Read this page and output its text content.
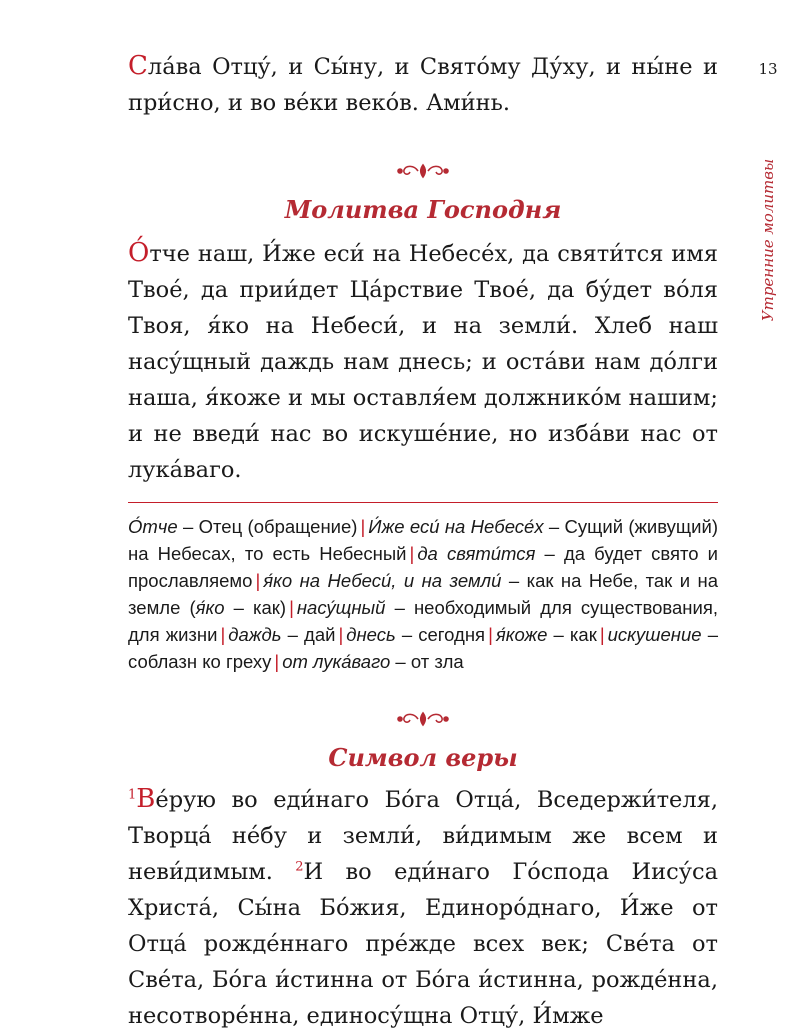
Сла́ва Отцу́, и Сы́ну, и Свято́му Ду́ху, и ны́не и при́сно, и во ве́ки веко́в. Ами́нь.

Молитва Господня

О́тче наш, И́же еси́ на Небесе́х, да святи́тся имя Твое́, да прии́дет Ца́рствие Твое́, да бу́дет во́ля Твоя, я́ко на Небеси́, и на земли́. Хлеб наш насу́щный даждь нам днесь; и оста́ви нам до́лги наша, я́коже и мы оставля́ем должнико́м нашим; и не введи́ нас во искуше́ние, но изба́ви нас от лука́ваго.

О́тче – Отец (обращение) | И́же еси́ на Небесе́х – Сущий (живущий) на Небесах, то есть Небесный | да святи́тся – да будет свято и прославляемо | я́ко на Небеси́, и на земли́ – как на Небе, так и на земле (я́ко – как) | насу́щный – необходимый для существования, для жизни | даждь – дай | днесь – сегодня | я́коже – как | искушение – соблазн ко греху | от лука́ваго – от зла

Символ веры

$^1$Ве́рую во еди́наго Бо́га Отца́, Вседержи́теля, Творца́ не́бу и земли́, ви́димым же всем и неви́димым. $^2$И во еди́наго Го́спода Иису́са Христа́, Сы́на Бо́жия, Единоро́днаго, И́же от Отца́ рожде́ннаго пре́жде всех век; Све́та от Све́та, Бо́га и́стинна от Бо́га и́стинна, рожде́нна, несотворе́нна, единосу́щна Отцу́, И́мже

13
Утренние молитвы
